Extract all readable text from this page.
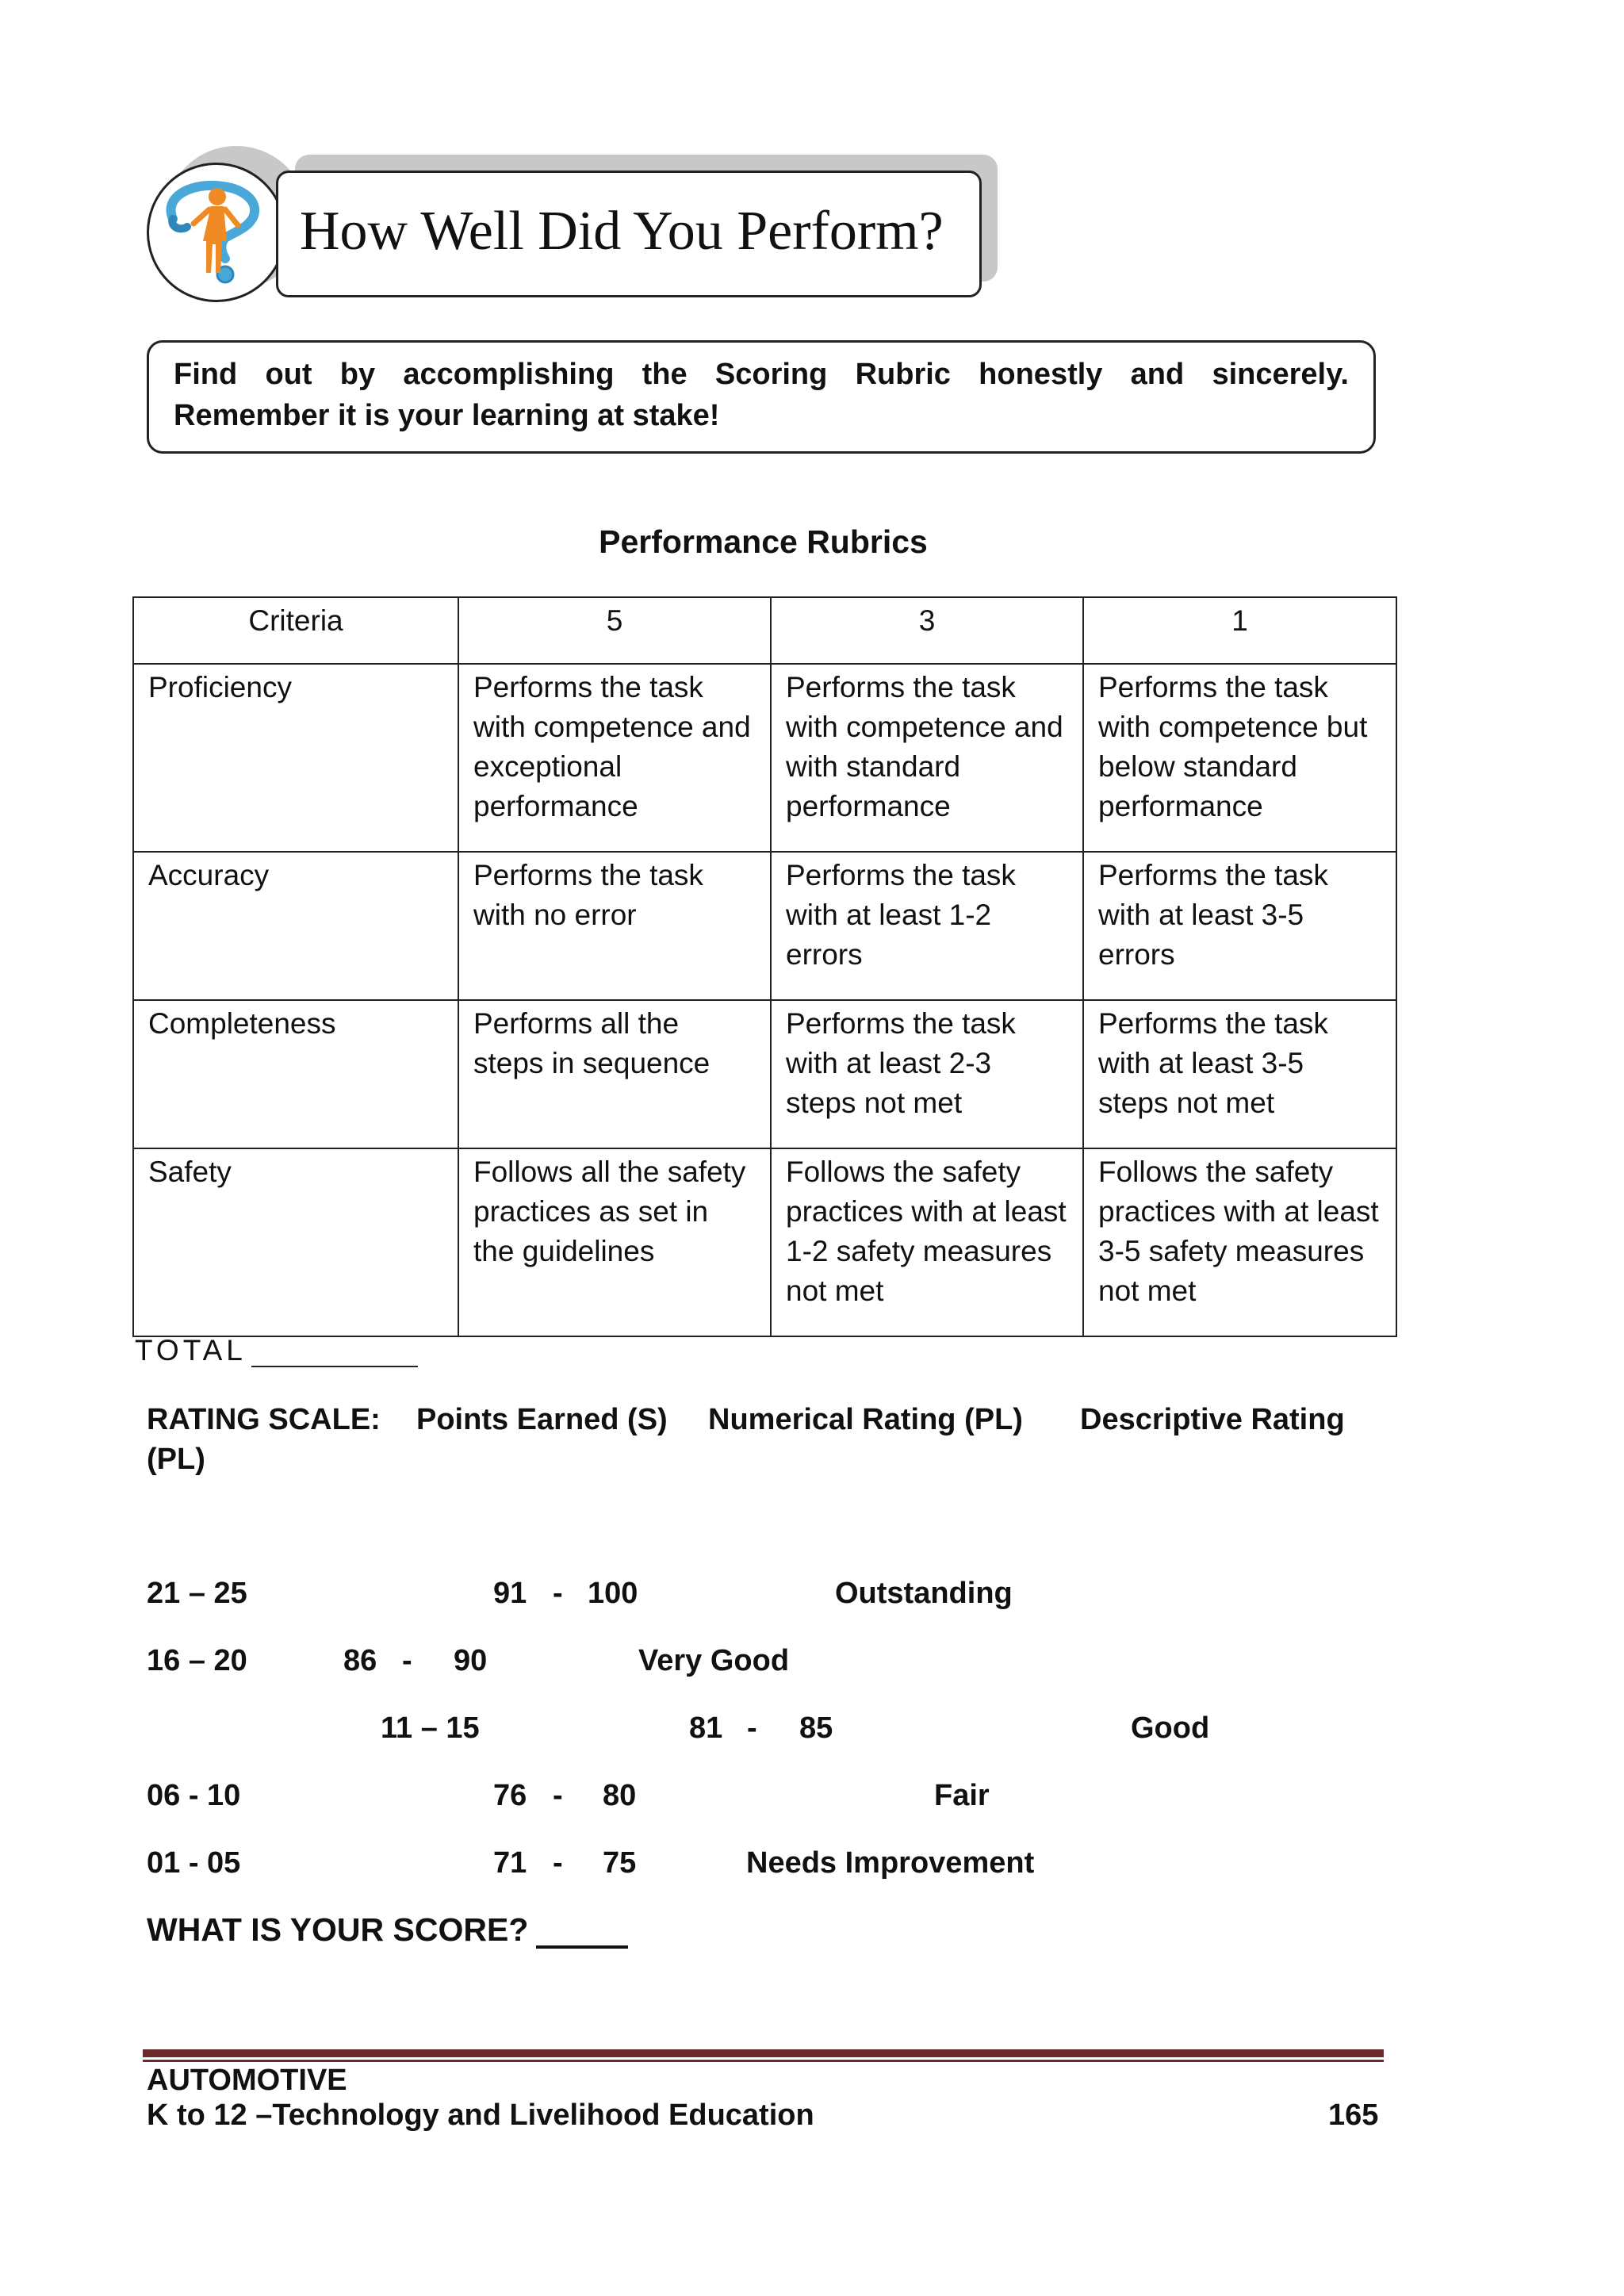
How Well Did You Perform?
Find out by accomplishing the Scoring Rubric honestly and sincerely.
Remember it is your learning at stake!
Performance Rubrics
Criteria	5	3	1
Proficiency	Performs the task with competence and exceptional performance	Performs the task with competence and with standard performance	Performs the task with competence but below standard performance
Accuracy	Performs the task with no error	Performs the task with at least 1-2 errors	Performs the task with at least 3-5 errors
Completeness	Performs all the steps in sequence	Performs the task with at least 2-3 steps not met	Performs the task with at least 3-5 steps not met
Safety	Follows all the safety practices as set in the guidelines	Follows the safety practices with at least 1-2 safety measures not met	Follows the safety practices with at least 3-5 safety measures not met
TOTAL
RATING SCALE: Points Earned (S) Numerical Rating (PL) Descriptive Rating
(PL)
21 – 25	91 - 100	Outstanding
16 – 20	86 - 90	Very Good
11 – 15	81 - 85	Good
06 - 10	76 - 80	Fair
01 - 05	71 - 75	Needs Improvement
WHAT IS YOUR SCORE?
AUTOMOTIVE
K to 12 –Technology and Livelihood Education	165
